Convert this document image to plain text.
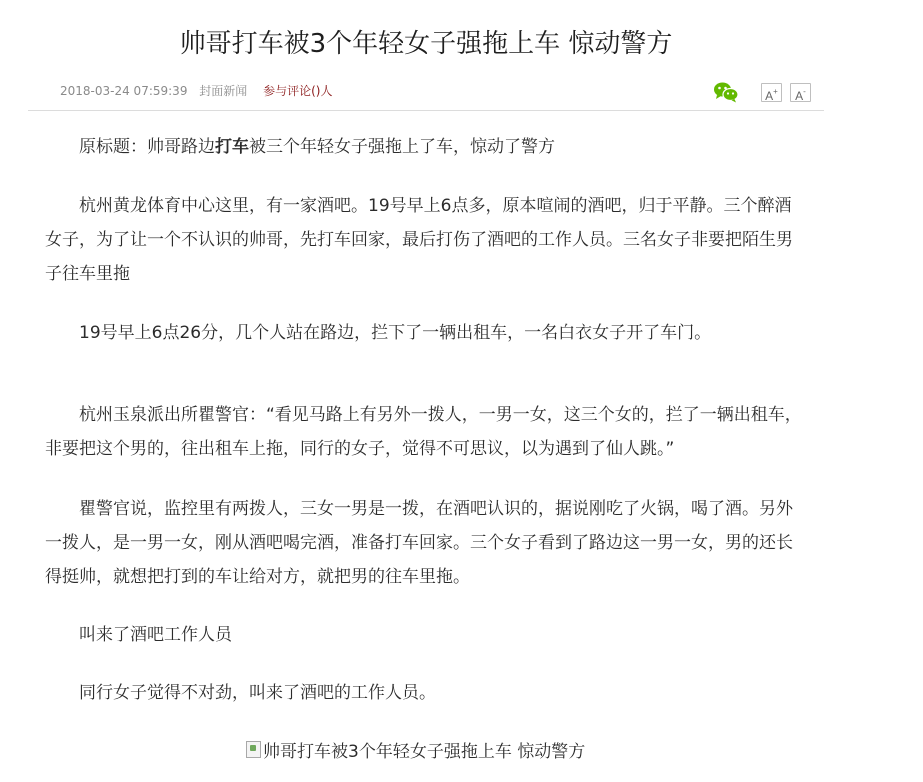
帅哥打车被3个年轻女子强拖上车 惊动警方
2018-03-24 07:59:39 封面新闻 参与评论()人	A+	A-

原标题：帅哥路边打车被三个年轻女子强拖上了车，惊动了警方

杭州黄龙体育中心这里，有一家酒吧。19号早上6点多，原本喧闹的酒吧，归于平静。三个醉酒女子，为了让一个不认识的帅哥，先打车回家，最后打伤了酒吧的工作人员。三名女子非要把陌生男子往车里拖

19号早上6点26分，几个人站在路边，拦下了一辆出租车，一名白衣女子开了车门。

杭州玉泉派出所瞿警官：“看见马路上有另外一拨人，一男一女，这三个女的，拦了一辆出租车，非要把这个男的，往出租车上拖，同行的女子，觉得不可思议，以为遇到了仙人跳。”

瞿警官说，监控里有两拨人，三女一男是一拨，在酒吧认识的，据说刚吃了火锅，喝了酒。另外一拨人，是一男一女，刚从酒吧喝完酒，准备打车回家。三个女子看到了路边这一男一女，男的还长得挺帅，就想把打到的车让给对方，就把男的往车里拖。

叫来了酒吧工作人员

同行女子觉得不对劲，叫来了酒吧的工作人员。

帅哥打车被3个年轻女子强拖上车 惊动警方
